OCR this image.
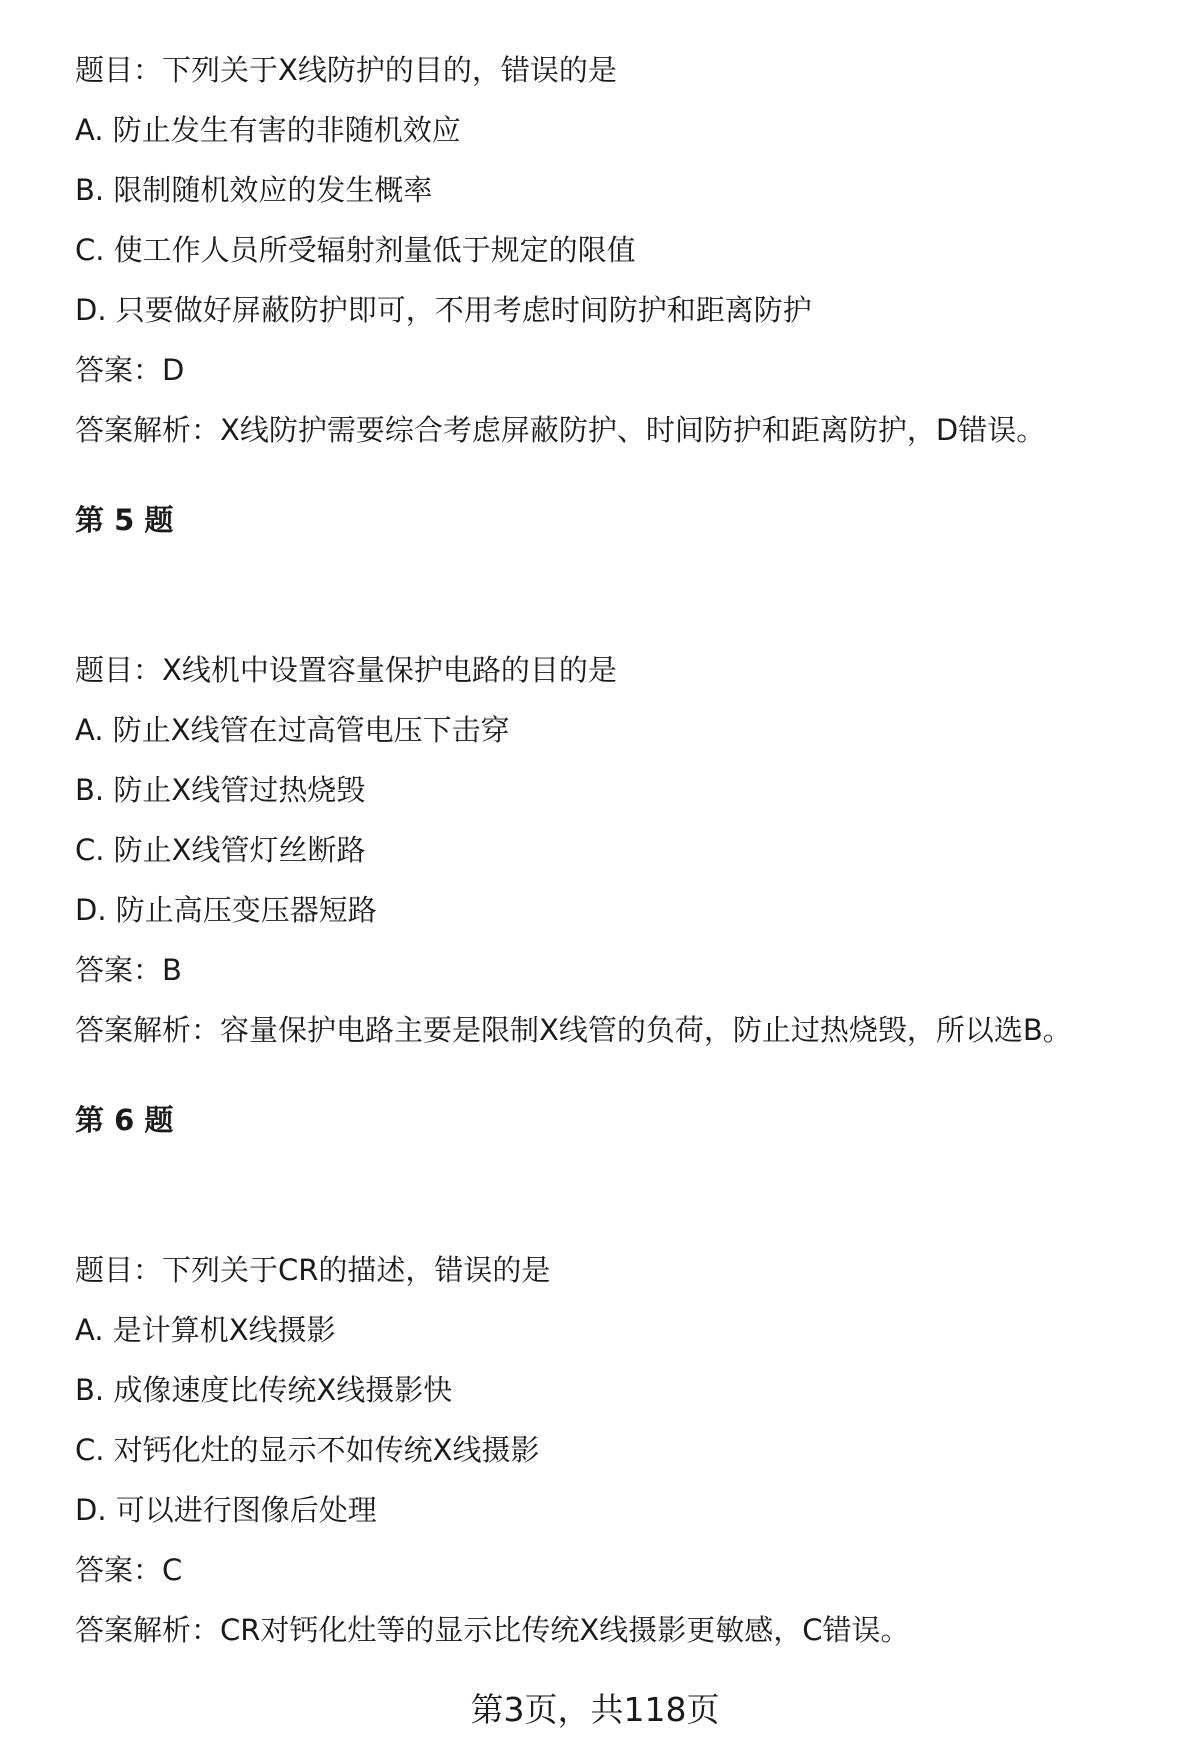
题目：下列关于X线防护的目的，错误的是
A. 防止发生有害的非随机效应
B. 限制随机效应的发生概率
C. 使工作人员所受辐射剂量低于规定的限值
D. 只要做好屏蔽防护即可，不用考虑时间防护和距离防护
答案：D
答案解析：X线防护需要综合考虑屏蔽防护、时间防护和距离防护，D错误。
第 5 题
题目：X线机中设置容量保护电路的目的是
A. 防止X线管在过高管电压下击穿
B. 防止X线管过热烧毁
C. 防止X线管灯丝断路
D. 防止高压变压器短路
答案：B
答案解析：容量保护电路主要是限制X线管的负荷，防止过热烧毁，所以选B。
第 6 题
题目：下列关于CR的描述，错误的是
A. 是计算机X线摄影
B. 成像速度比传统X线摄影快
C. 对钙化灶的显示不如传统X线摄影
D. 可以进行图像后处理
答案：C
答案解析：CR对钙化灶等的显示比传统X线摄影更敏感，C错误。
第3页，共118页
